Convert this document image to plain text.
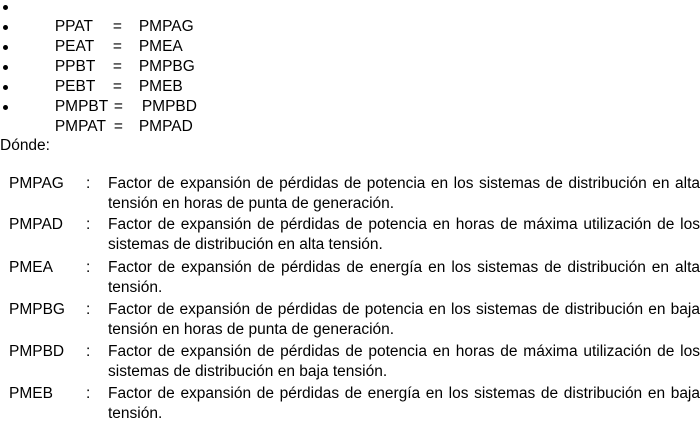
PPAT = PMPAG

PEAT = PMEA

PPBT = PMPBG

PEBT = PMEB

PMPBT = PMPBD

PMPAT = PMPAD

Dónde:
PMPAG : Factor de expansión de pérdidas de potencia en los sistemas de distribución en alta tensión en horas de punta de generación.
PMPAD : Factor de expansión de pérdidas de potencia en horas de máxima utilización de los sistemas de distribución en alta tensión.
PMEA : Factor de expansión de pérdidas de energía en los sistemas de distribución en alta tensión.
PMPBG : Factor de expansión de pérdidas de potencia en los sistemas de distribución en baja tensión en horas de punta de generación.
PMPBD : Factor de expansión de pérdidas de potencia en horas de máxima utilización de los sistemas de distribución en baja tensión.
PMEB : Factor de expansión de pérdidas de energía en los sistemas de distribución en baja tensión.
